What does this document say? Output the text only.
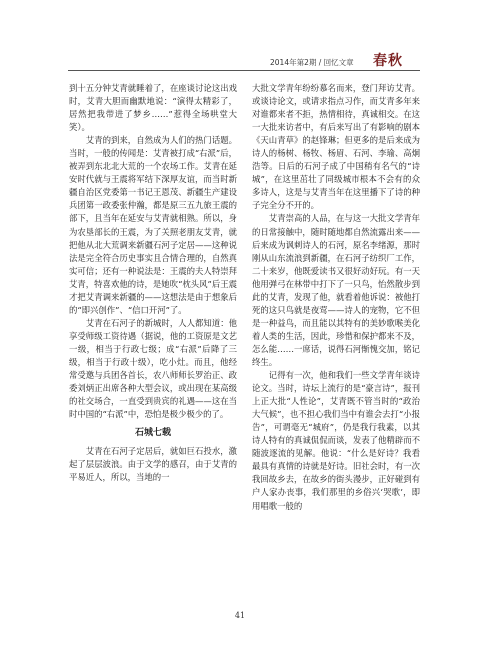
2014年第2期 / 回忆文章 春秋

到十五分钟艾青就睡着了，在座谈讨论这出戏时，艾青大胆而幽默地说：“演得太精彩了，居然把我带进了梦乡……”惹得全场哄堂大笑）。

艾青的到来，自然成为人们的热门话题。当时，一般的传闻是：艾青被打成“右派”后，被弄到东北北大荒的一个农场工作。艾青在延安时代就与王震将军结下深厚友谊，而当时新疆自治区党委第一书记王恩茂、新疆生产建设兵团第一政委张仲瀚，都是原三五九旅王震的部下，且当年在延安与艾青就相熟。所以，身为农垦部长的王震，为了关照老朋友艾青，就把他从北大荒调来新疆石河子定居——这种说法是完全符合历史事实且合情合理的，自然真实可信；还有一种说法是：王震的夫人特崇拜艾青，特喜欢他的诗，是她吹“枕头风”后王震才把艾青调来新疆的——这想法是由于想象后的“即兴创作”、“信口开河”了。

艾青在石河子的新城时，人人都知道：他享受师级工资待遇（据说，他的工资原是文艺一级，相当于行政七级；成“右派”后降了三级，相当于行政十级），吃小灶。而且，他经常受邀与兵团各首长，农八师师长罗治正、政委刘炳正出席各种大型会议，或出现在某高级的社交场合，一直受到贵宾的礼遇——这在当时中国的“右派”中，恐怕是极少极少的了。

石城七载

艾青在石河子定居后，就如巨石投水，激起了层层波浪。由于文学的感召，由于艾青的平易近人，所以，当地的一

大批文学青年纷纷慕名而来，登门拜访艾青。或谈诗论文，或请求指点习作，而艾青多年来对谁都来者不拒，热情相待，真诚相交。在这一大批来访者中，有后来写出了有影响的剧本《天山青草》的赵锋琳；但更多的是后来成为诗人的杨树、杨牧、杨眉、石河、李瑜、高炯浩等。日后的石河子成了中国稍有名气的“诗城”，在这里茁壮了同级城市根本不会有的众多诗人，这是与艾青当年在这里播下了诗的种子完全分不开的。

艾青崇高的人品，在与这一大批文学青年的日常接触中，随时随地都自然流露出来——后来成为讽刺诗人的石河，原名李绪源，那时刚从山东流浪到新疆，在石河子纺织厂工作，二十来岁，他既爱读书又很好动好玩。有一天他用弹弓在林带中打下了一只鸟，怡然散步到此的艾青，发现了他，就看着他诉说：被他打死的这只鸟就是夜莺——诗人的宠物，它不但是一种益鸟，而且能以其特有的美妙歌喉美化着人类的生活，因此，珍惜和保护都来不及，怎么能……一席话，说得石河惭愧交加，铭记终生。

记得有一次，他和我们一些文学青年谈诗论文。当时，诗坛上流行的是“豪言诗”，报刊上正大批“人性论”，艾青既不管当时的“政治大气候”，也不担心我们当中有谁会去打“小报告”，可谓毫无“城府”，仍是我行我素，以其诗人特有的真诚侃侃而谈，发表了他精辟而不随波逐流的见解。他说：“什么是好诗？我看最具有真情的诗就是好诗。旧社会时，有一次我回故乡去，在故乡的街头漫步，正好碰到有户人家办丧事，我们那里的乡俗兴‘哭歌’，即用唱歌一般的

41
